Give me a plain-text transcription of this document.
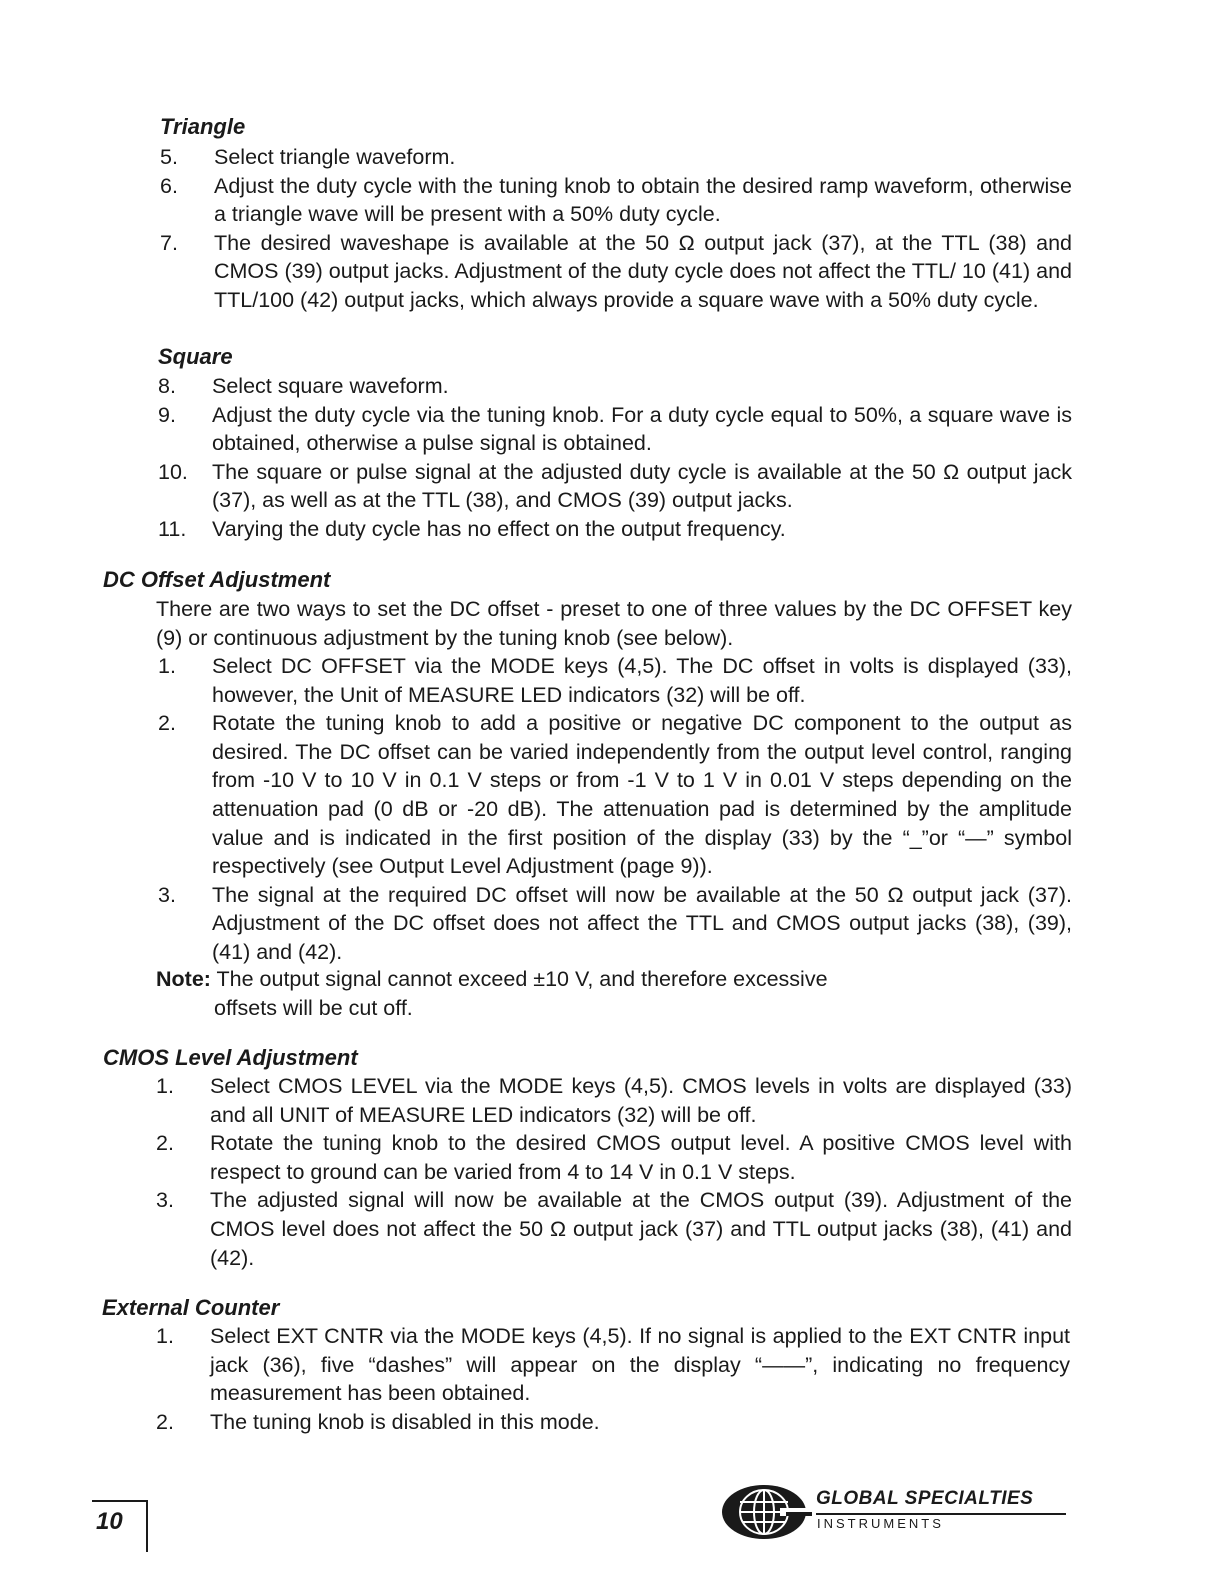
Triangle
5. Select triangle waveform.
6. Adjust the duty cycle with the tuning knob to obtain the desired ramp waveform, otherwise a triangle wave will be present with a 50% duty cycle.
7. The desired waveshape is available at the 50 Ω output jack (37), at the TTL (38) and CMOS (39) output jacks. Adjustment of the duty cycle does not affect the TTL/ 10 (41) and TTL/100 (42) output jacks, which always provide a square wave with a 50% duty cycle.
Square
8. Select square waveform.
9. Adjust the duty cycle via the tuning knob. For a duty cycle equal to 50%, a square wave is obtained, otherwise a pulse signal is obtained.
10. The square or pulse signal at the adjusted duty cycle is available at the 50 Ω output jack (37), as well as at the TTL (38), and CMOS (39) output jacks.
11. Varying the duty cycle has no effect on the output frequency.
DC Offset Adjustment
There are two ways to set the DC offset - preset to one of three values by the DC OFFSET key (9) or continuous adjustment by the tuning knob (see below).
1. Select DC OFFSET via the MODE keys (4,5). The DC offset in volts is displayed (33), however, the Unit of MEASURE LED indicators (32) will be off.
2. Rotate the tuning knob to add a positive or negative DC component to the output as desired. The DC offset can be varied independently from the output level control, ranging from -10 V to 10 V in 0.1 V steps or from -1 V to 1 V in 0.01 V steps depending on the attenuation pad (0 dB or -20 dB). The attenuation pad is determined by the amplitude value and is indicated in the first position of the display (33) by the “_”or “—” symbol respectively (see Output Level Adjustment (page 9)).
3. The signal at the required DC offset will now be available at the 50 Ω output jack (37). Adjustment of the DC offset does not affect the TTL and CMOS output jacks (38), (39), (41) and (42).
Note: The output signal cannot exceed ±10 V, and therefore excessive
offsets will be cut off.
CMOS Level Adjustment
1. Select CMOS LEVEL via the MODE keys (4,5). CMOS levels in volts are displayed (33) and all UNIT of MEASURE LED indicators (32) will be off.
2. Rotate the tuning knob to the desired CMOS output level. A positive CMOS level with respect to ground can be varied from 4 to 14 V in 0.1 V steps.
3. The adjusted signal will now be available at the CMOS output (39). Adjustment of the CMOS level does not affect the 50 Ω output jack (37) and TTL output jacks (38), (41) and (42).
External Counter
1. Select EXT CNTR via the MODE keys (4,5). If no signal is applied to the EXT CNTR input jack (36), five “dashes” will appear on the display “——”, indicating no frequency measurement has been obtained.
2. The tuning knob is disabled in this mode.
10
GLOBAL SPECIALTIES
INSTRUMENTS
